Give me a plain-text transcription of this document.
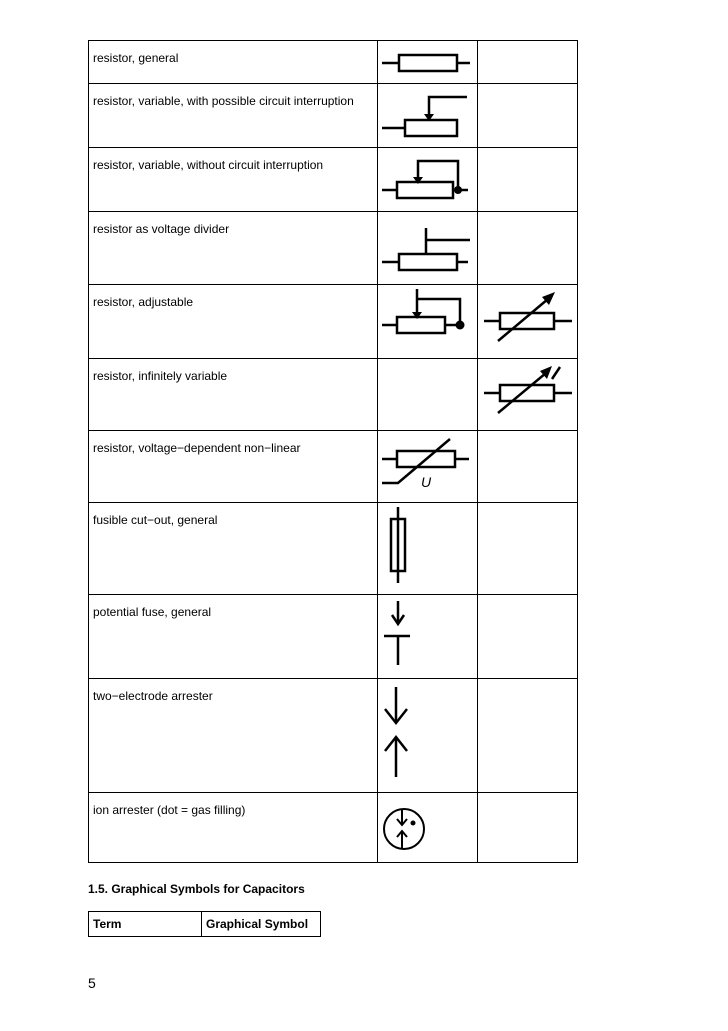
resistor, general	

resistor, variable, with possible circuit interruption	

resistor, variable, without circuit interruption	

resistor as voltage divider	

resistor, adjustable	

resistor, infinitely variable		

resistor, voltage−dependent non−linear	U	

fusible cut−out, general	

potential fuse, general	

two−electrode arrester	

ion arrester (dot = gas filling)	

1.5. Graphical Symbols for Capacitors
Term	Graphical Symbol
5
